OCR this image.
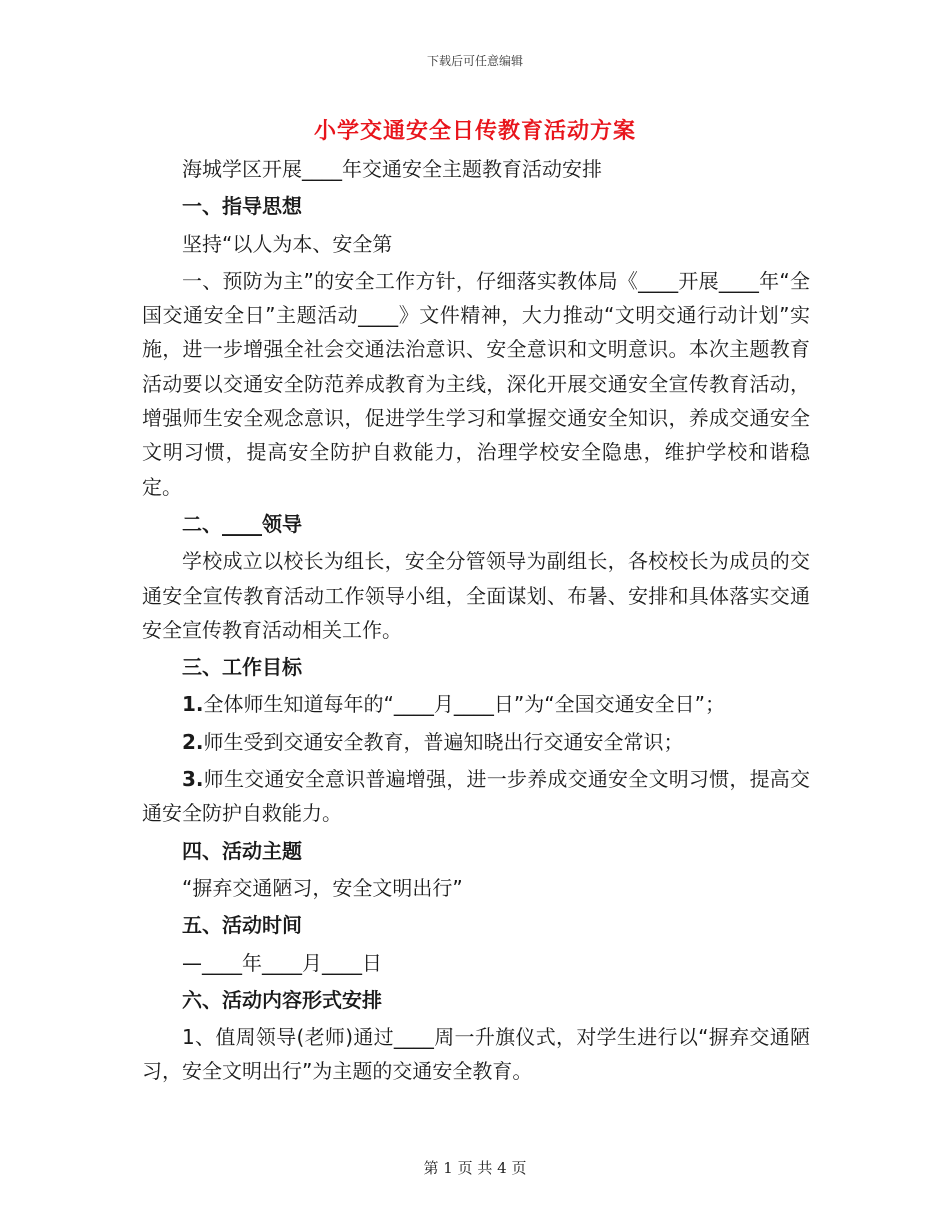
下载后可任意编辑
小学交通安全日传教育活动方案

海城学区开展____年交通安全主题教育活动安排

一、指导思想

坚持“以人为本、安全第

一、预防为主”的安全工作方针，仔细落实教体局《____开展____年“全国交通安全日”主题活动____》文件精神，大力推动“文明交通行动计划”实施，进一步增强全社会交通法治意识、安全意识和文明意识。本次主题教育活动要以交通安全防范养成教育为主线，深化开展交通安全宣传教育活动，增强师生安全观念意识，促进学生学习和掌握交通安全知识，养成交通安全文明习惯，提高安全防护自救能力，治理学校安全隐患，维护学校和谐稳定。

二、____领导

学校成立以校长为组长，安全分管领导为副组长，各校校长为成员的交通安全宣传教育活动工作领导小组，全面谋划、布暑、安排和具体落实交通安全宣传教育活动相关工作。

三、工作目标

1.全体师生知道每年的“____月____日”为“全国交通安全日”；

2.师生受到交通安全教育，普遍知晓出行交通安全常识；

3.师生交通安全意识普遍增强，进一步养成交通安全文明习惯，提高交通安全防护自救能力。

四、活动主题

“摒弃交通陋习，安全文明出行”

五、活动时间

—____年____月____日

六、活动内容形式安排

1、值周领导(老师)通过____周一升旗仪式，对学生进行以“摒弃交通陋习，安全文明出行”为主题的交通安全教育。

第 1 页 共 4 页
